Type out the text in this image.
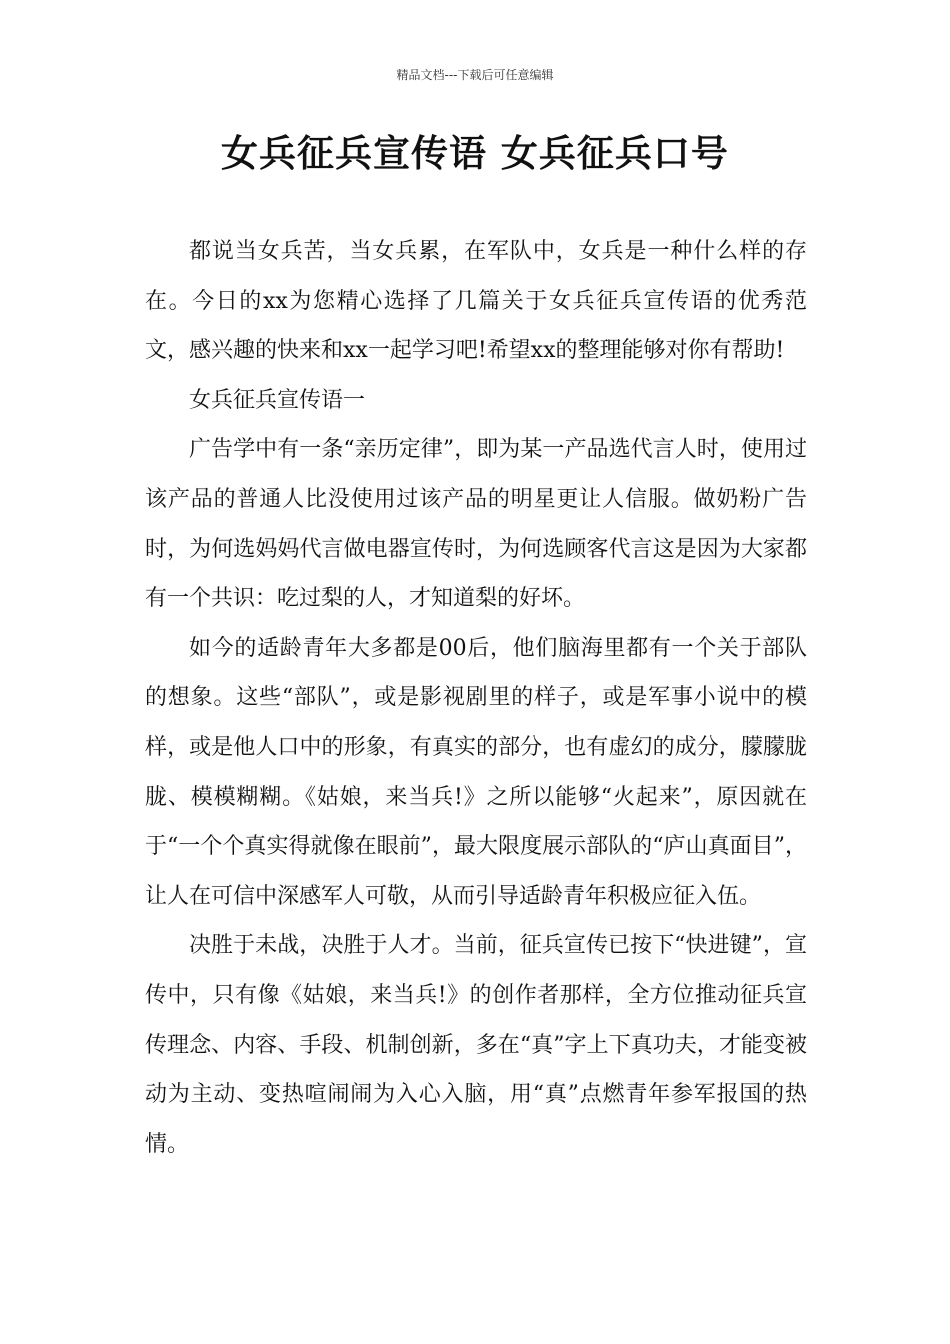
精品文档---下载后可任意编辑
女兵征兵宣传语 女兵征兵口号

都说当女兵苦，当女兵累，在军队中，女兵是一种什么样的存在。今日的xx为您精心选择了几篇关于女兵征兵宣传语的优秀范文，感兴趣的快来和xx一起学习吧!希望xx的整理能够对你有帮助!

女兵征兵宣传语一

广告学中有一条“亲历定律”，即为某一产品选代言人时，使用过该产品的普通人比没使用过该产品的明星更让人信服。做奶粉广告时，为何选妈妈代言做电器宣传时，为何选顾客代言这是因为大家都有一个共识：吃过梨的人，才知道梨的好坏。

如今的适龄青年大多都是00后，他们脑海里都有一个关于部队的想象。这些“部队”，或是影视剧里的样子，或是军事小说中的模样，或是他人口中的形象，有真实的部分，也有虚幻的成分，朦朦胧胧、模模糊糊。《姑娘，来当兵!》之所以能够“火起来”，原因就在于“一个个真实得就像在眼前”，最大限度展示部队的“庐山真面目”，让人在可信中深感军人可敬，从而引导适龄青年积极应征入伍。

决胜于未战，决胜于人才。当前，征兵宣传已按下“快进键”，宣传中，只有像《姑娘，来当兵!》的创作者那样，全方位推动征兵宣传理念、内容、手段、机制创新，多在“真”字上下真功夫，才能变被动为主动、变热喧闹闹为入心入脑，用“真”点燃青年参军报国的热情。
